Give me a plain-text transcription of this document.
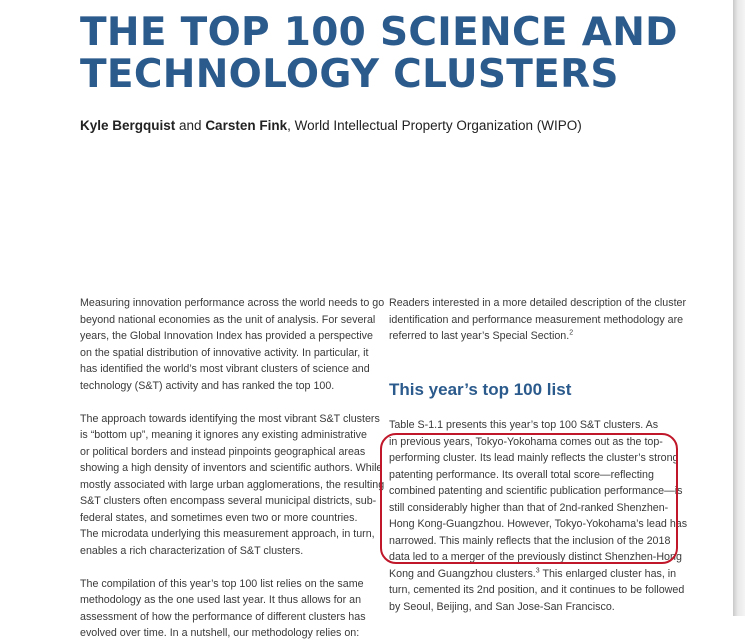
THE TOP 100 SCIENCE AND
TECHNOLOGY CLUSTERS
Kyle Bergquist and Carsten Fink, World Intellectual Property Organization (WIPO)

Measuring innovation performance across the world needs to go

beyond national economies as the unit of analysis. For several

years, the Global Innovation Index has provided a perspective

on the spatial distribution of innovative activity. In particular, it

has identified the world’s most vibrant clusters of science and

technology (S&T) activity and has ranked the top 100.

The approach towards identifying the most vibrant S&T clusters

is “bottom up”, meaning it ignores any existing administrative

or political borders and instead pinpoints geographical areas

showing a high density of inventors and scientific authors. While

mostly associated with large urban agglomerations, the resulting

S&T clusters often encompass several municipal districts, sub-

federal states, and sometimes even two or more countries.

The microdata underlying this measurement approach, in turn,

enables a rich characterization of S&T clusters.

The compilation of this year’s top 100 list relies on the same

methodology as the one used last year. It thus allows for an

assessment of how the performance of different clusters has

evolved over time. In a nutshell, our methodology relies on:

Readers interested in a more detailed description of the cluster

identification and performance measurement methodology are

referred to last year’s Special Section.$^2$

This year’s top 100 list

Table S-1.1 presents this year’s top 100 S&T clusters. As

in previous years, Tokyo-Yokohama comes out as the top-

performing cluster. Its lead mainly reflects the cluster’s strong

patenting performance. Its overall total score—reflecting

combined patenting and scientific publication performance—is

still considerably higher than that of 2nd-ranked Shenzhen-

Hong Kong-Guangzhou. However, Tokyo-Yokohama’s lead has

narrowed. This mainly reflects that the inclusion of the 2018

data led to a merger of the previously distinct Shenzhen-Hong

Kong and Guangzhou clusters.$^3$ This enlarged cluster has, in

turn, cemented its 2nd position, and it continues to be followed

by Seoul, Beijing, and San Jose-San Francisco.
